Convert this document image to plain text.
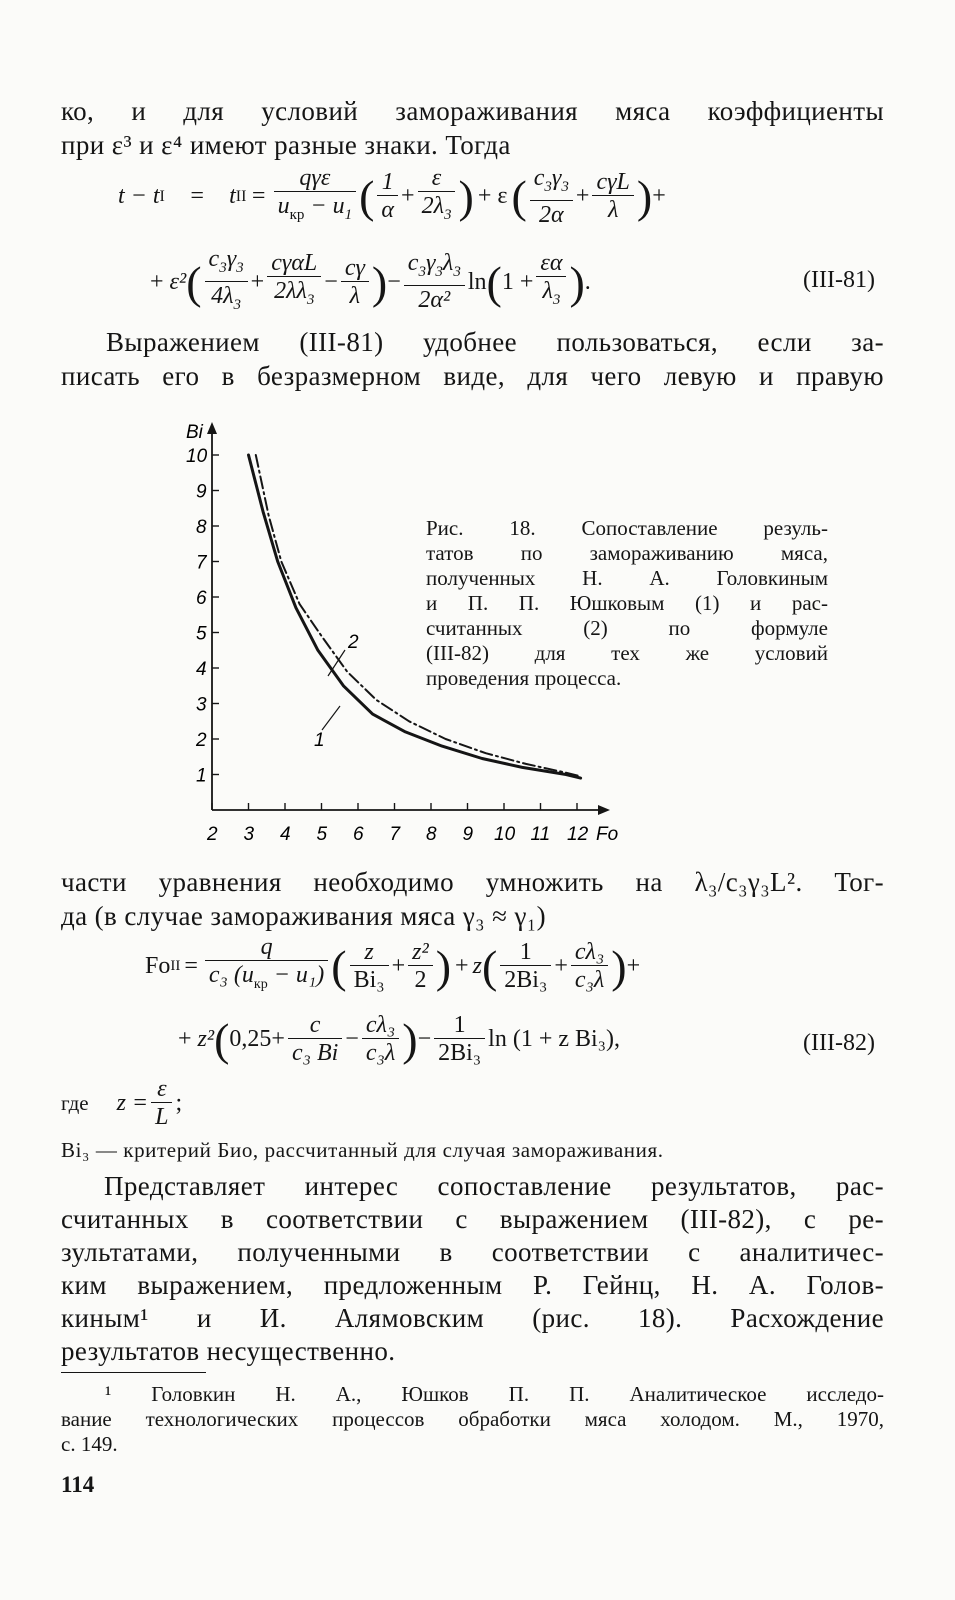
ко, и для условий замораживания мяса коэффициенты
при ε³ и ε⁴ имеют разные знаки. Тогда
t − t I = t II = $\frac{\text{qγε}}{u_{кр} - u_1}$ ( $\frac{1}{\alpha} + \frac{\varepsilon}{2\lambda_3}$ ) + ε ( $\frac{c_3\gamma_3}{2\alpha} + \frac{\text{cγL}}{\lambda}$ ) +
+ ε² ( $\frac{c_3\gamma_3}{4\lambda_3} + \frac{\text{cγαL}}{2\lambda\lambda_3} - \frac{c\gamma}{\lambda}$ ) − $\frac{c_3\gamma_3\lambda_3}{\text{2α²}}$ ln ( $1 + \frac{\varepsilon\alpha}{\lambda_3}$ ) .	(III-81)
Выражением (III-81) удобнее пользоваться, если за-
писать его в безразмерном виде, для чего левую и правую
2 3 4 5 6 7 8 9 10 11 12
1
2
3
4
5
6
7
8
9
10
Bi
Fo
2
1
Рис. 18. Сопоставление резуль-
татов по замораживанию мяса,
полученных Н. А. Головкиным
и П. П. Юшковым (1) и рас-
считанных (2) по формуле
(III-82) для тех же условий
проведения процесса.
части уравнения необходимо умножить на λ₃/c₃γ₃L². Тог-
да (в случае замораживания мяса γ₃ ≈ γ₁)
Fo II = $\frac{q}{c_3 (u_{кр} - u_1)}$ ( $\frac{z}{\text{Bi₃}} + \frac{\text{z²}}{2}$ ) + z ( $\frac{1}{\text{2Bi₃}} + \frac{\text{cλ₃}}{\text{c₃λ}}$ ) +
+ z² ( $0,25+ \frac{c}{\text{c₃ Bi}} - \frac{\text{cλ₃}}{\text{c₃λ}}$ ) − $\frac{1}{\text{2Bi₃}}$ ln (1 + z Bi₃),	(III-82)
где $z = \frac{\varepsilon}{L}$ ;
Bi₃ — критерий Био, рассчитанный для случая замораживания.
Представляет интерес сопоставление результатов, рас-
считанных в соответствии с выражением (III-82), с ре-
зультатами, полученными в соответствии с аналитичес-
ким выражением, предложенным Р. Гейнц, Н. А. Голов-
киным¹ и И. Алямовским (рис. 18). Расхождение
результатов несущественно.
¹ Головкин Н. А., Юшков П. П. Аналитическое исследо-
вание технологических процессов обработки мяса холодом. М., 1970,
с. 149.
114
